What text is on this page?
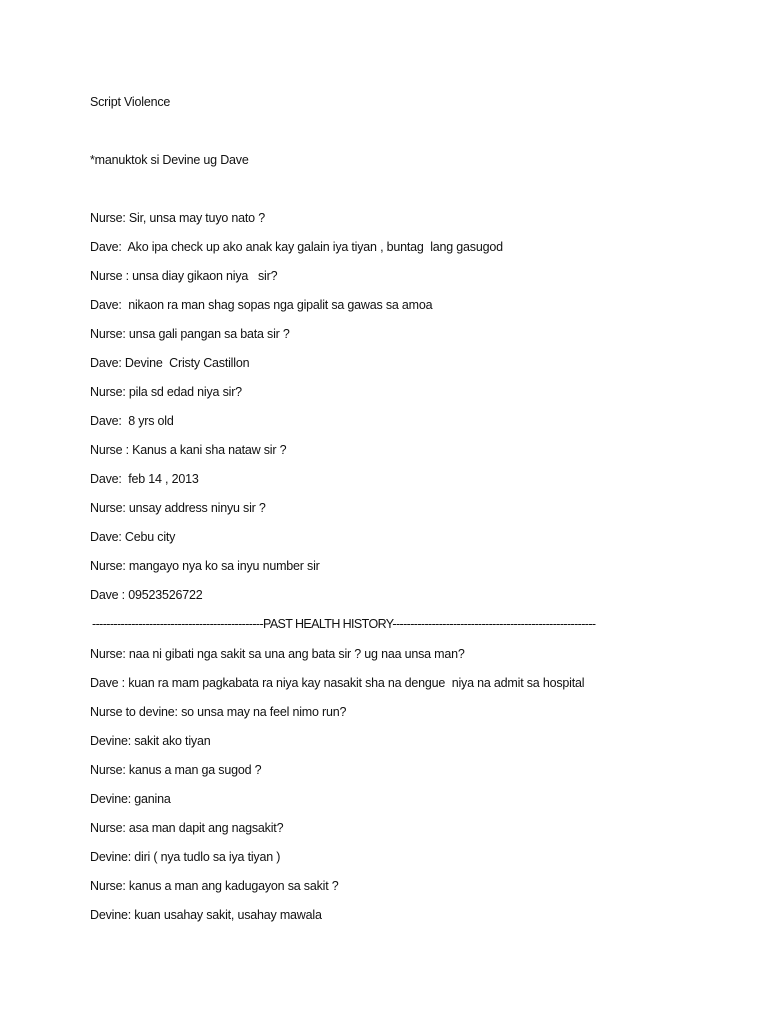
Script Violence
*manuktok si Devine ug Dave
Nurse: Sir, unsa may tuyo nato ?
Dave:  Ako ipa check up ako anak kay galain iya tiyan , buntag  lang gasugod
Nurse : unsa diay gikaon niya   sir?
Dave:  nikaon ra man shag sopas nga gipalit sa gawas sa amoa
Nurse: unsa gali pangan sa bata sir ?
Dave: Devine  Cristy Castillon
Nurse: pila sd edad niya sir?
Dave:  8 yrs old
Nurse : Kanus a kani sha nataw sir ?
Dave:  feb 14 , 2013
Nurse: unsay address ninyu sir ?
Dave: Cebu city
Nurse: mangayo nya ko sa inyu number sir
Dave : 09523526722
------------------------------------------------PAST HEALTH HISTORY---------------------------------------------------------
Nurse: naa ni gibati nga sakit sa una ang bata sir ? ug naa unsa man?
Dave : kuan ra mam pagkabata ra niya kay nasakit sha na dengue  niya na admit sa hospital
Nurse to devine: so unsa may na feel nimo run?
Devine: sakit ako tiyan
Nurse: kanus a man ga sugod ?
Devine: ganina
Nurse: asa man dapit ang nagsakit?
Devine: diri ( nya tudlo sa iya tiyan )
Nurse: kanus a man ang kadugayon sa sakit ?
Devine: kuan usahay sakit, usahay mawala
